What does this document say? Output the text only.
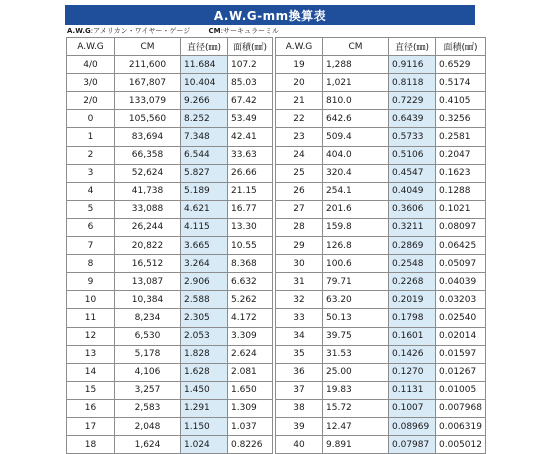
A.W.G-mm換算表
A.W.G:アメリカン・ワイヤー・ゲージ	CM:サーキュラーミル
A.W.G	CM	直径(㎜)	面積(㎟)
4/0	211,600	11.684	107.2
3/0	167,807	10.404	85.03
2/0	133,079	9.266	67.42
0	105,560	8.252	53.49
1	83,694	7.348	42.41
2	66,358	6.544	33.63
3	52,624	5.827	26.66
4	41,738	5.189	21.15
5	33,088	4.621	16.77
6	26,244	4.115	13.30
7	20,822	3.665	10.55
8	16,512	3.264	8.368
9	13,087	2.906	6.632
10	10,384	2.588	5.262
11	8,234	2.305	4.172
12	6,530	2.053	3.309
13	5,178	1.828	2.624
14	4,106	1.628	2.081
15	3,257	1.450	1.650
16	2,583	1.291	1.309
17	2,048	1.150	1.037
18	1,624	1.024	0.8226
A.W.G	CM	直径(㎜)	面積(㎟)
19	1,288	0.9116	0.6529
20	1,021	0.8118	0.5174
21	810.0	0.7229	0.4105
22	642.6	0.6439	0.3256
23	509.4	0.5733	0.2581
24	404.0	0.5106	0.2047
25	320.4	0.4547	0.1623
26	254.1	0.4049	0.1288
27	201.6	0.3606	0.1021
28	159.8	0.3211	0.08097
29	126.8	0.2869	0.06425
30	100.6	0.2548	0.05097
31	79.71	0.2268	0.04039
32	63.20	0.2019	0.03203
33	50.13	0.1798	0.02540
34	39.75	0.1601	0.02014
35	31.53	0.1426	0.01597
36	25.00	0.1270	0.01267
37	19.83	0.1131	0.01005
38	15.72	0.1007	0.007968
39	12.47	0.08969	0.006319
40	9.891	0.07987	0.005012
